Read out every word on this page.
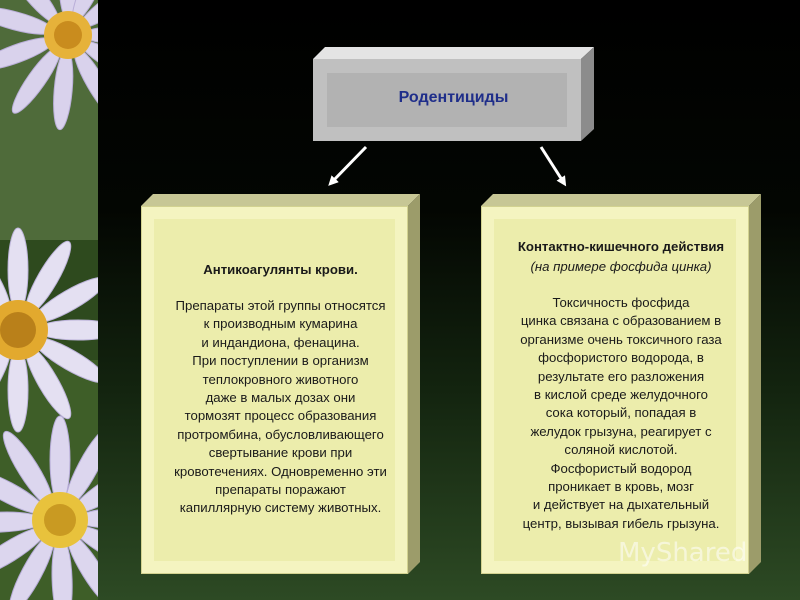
Родентициды
Антикоагулянты крови.
Препараты этой группы относятся
к производным кумарина
и индандиона, фенацина.
При поступлении в организм
теплокровного животного
даже в малых дозах они
тормозят процесс образования
протромбина, обусловливающего
свертывание крови при
кровотечениях. Одновременно эти
препараты поражают
капиллярную систему животных.
Контактно-кишечного действия
(на примере фосфида цинка)
Токсичность фосфида
цинка связана с образованием в
организме очень токсичного газа
фосфористого водорода, в
результате его разложения
в кислой среде желудочного
сока который, попадая в
желудок грызуна, реагирует с
соляной кислотой.
Фосфористый водород
проникает в кровь, мозг
и действует на дыхательный
центр, вызывая гибель грызуна.
MyShared
